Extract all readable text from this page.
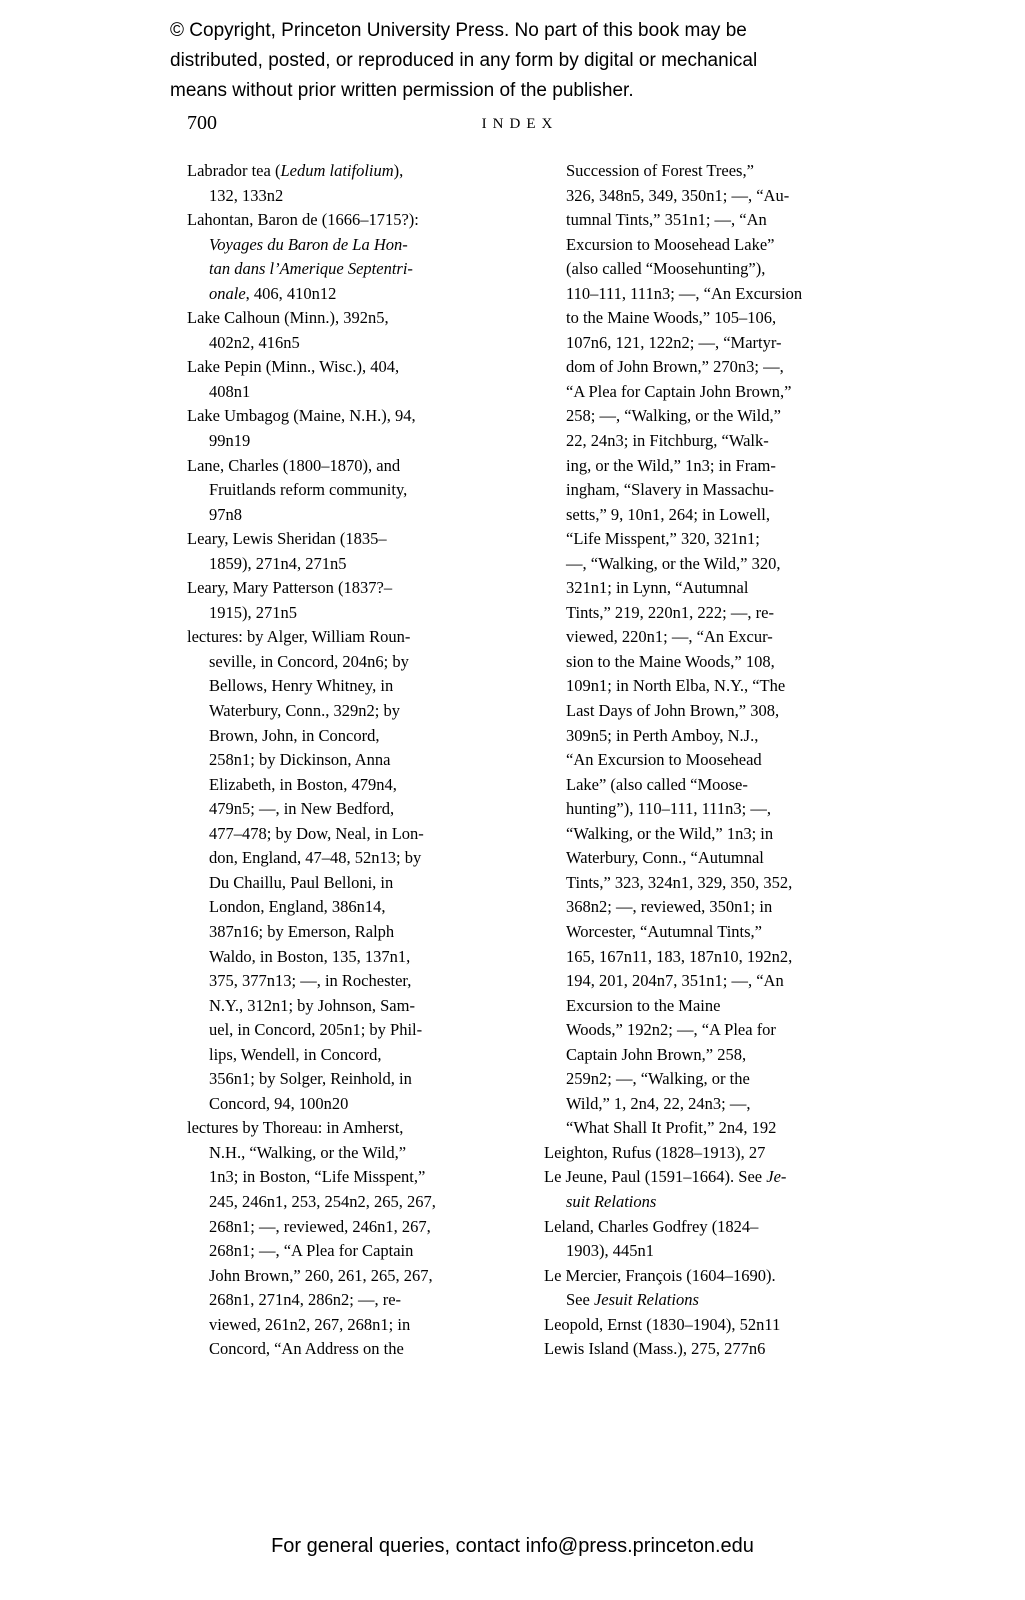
© Copyright, Princeton University Press. No part of this book may be
distributed, posted, or reproduced in any form by digital or mechanical
means without prior written permission of the publisher.
700	INDEX
Labrador tea (Ledum latifolium),
132, 133n2
Lahontan, Baron de (1666–1715?):
Voyages du Baron de La Hon-
tan dans l’Amerique Septentri-
onale, 406, 410n12
Lake Calhoun (Minn.), 392n5,
402n2, 416n5
Lake Pepin (Minn., Wisc.), 404,
408n1
Lake Umbagog (Maine, N.H.), 94,
99n19
Lane, Charles (1800–1870), and
Fruitlands reform community,
97n8
Leary, Lewis Sheridan (1835–
1859), 271n4, 271n5
Leary, Mary Patterson (1837?–
1915), 271n5
lectures: by Alger, William Roun-
seville, in Concord, 204n6; by
Bellows, Henry Whitney, in
Waterbury, Conn., 329n2; by
Brown, John, in Concord,
258n1; by Dickinson, Anna
Elizabeth, in Boston, 479n4,
479n5; —, in New Bedford,
477–478; by Dow, Neal, in Lon-
don, England, 47–48, 52n13; by
Du Chaillu, Paul Belloni, in
London, England, 386n14,
387n16; by Emerson, Ralph
Waldo, in Boston, 135, 137n1,
375, 377n13; —, in Rochester,
N.Y., 312n1; by Johnson, Sam-
uel, in Concord, 205n1; by Phil-
lips, Wendell, in Concord,
356n1; by Solger, Reinhold, in
Concord, 94, 100n20
lectures by Thoreau: in Amherst,
N.H., “Walking, or the Wild,”
1n3; in Boston, “Life Misspent,”
245, 246n1, 253, 254n2, 265, 267,
268n1; —, reviewed, 246n1, 267,
268n1; —, “A Plea for Captain
John Brown,” 260, 261, 265, 267,
268n1, 271n4, 286n2; —, re-
viewed, 261n2, 267, 268n1; in
Concord, “An Address on the
Succession of Forest Trees,”
326, 348n5, 349, 350n1; —, “Au-
tumnal Tints,” 351n1; —, “An
Excursion to Moosehead Lake”
(also called “Moosehunting”),
110–111, 111n3; —, “An Excursion
to the Maine Woods,” 105–106,
107n6, 121, 122n2; —, “Martyr-
dom of John Brown,” 270n3; —,
“A Plea for Captain John Brown,”
258; —, “Walking, or the Wild,”
22, 24n3; in Fitchburg, “Walk-
ing, or the Wild,” 1n3; in Fram-
ingham, “Slavery in Massachu-
setts,” 9, 10n1, 264; in Lowell,
“Life Misspent,” 320, 321n1;
—, “Walking, or the Wild,” 320,
321n1; in Lynn, “Autumnal
Tints,” 219, 220n1, 222; —, re-
viewed, 220n1; —, “An Excur-
sion to the Maine Woods,” 108,
109n1; in North Elba, N.Y., “The
Last Days of John Brown,” 308,
309n5; in Perth Amboy, N.J.,
“An Excursion to Moosehead
Lake” (also called “Moose-
hunting”), 110–111, 111n3; —,
“Walking, or the Wild,” 1n3; in
Waterbury, Conn., “Autumnal
Tints,” 323, 324n1, 329, 350, 352,
368n2; —, reviewed, 350n1; in
Worcester, “Autumnal Tints,”
165, 167n11, 183, 187n10, 192n2,
194, 201, 204n7, 351n1; —, “An
Excursion to the Maine
Woods,” 192n2; —, “A Plea for
Captain John Brown,” 258,
259n2; —, “Walking, or the
Wild,” 1, 2n4, 22, 24n3; —,
“What Shall It Profit,” 2n4, 192
Leighton, Rufus (1828–1913), 27
Le Jeune, Paul (1591–1664). See Je-
suit Relations
Leland, Charles Godfrey (1824–
1903), 445n1
Le Mercier, François (1604–1690).
See Jesuit Relations
Leopold, Ernst (1830–1904), 52n11
Lewis Island (Mass.), 275, 277n6
For general queries, contact info@press.princeton.edu
